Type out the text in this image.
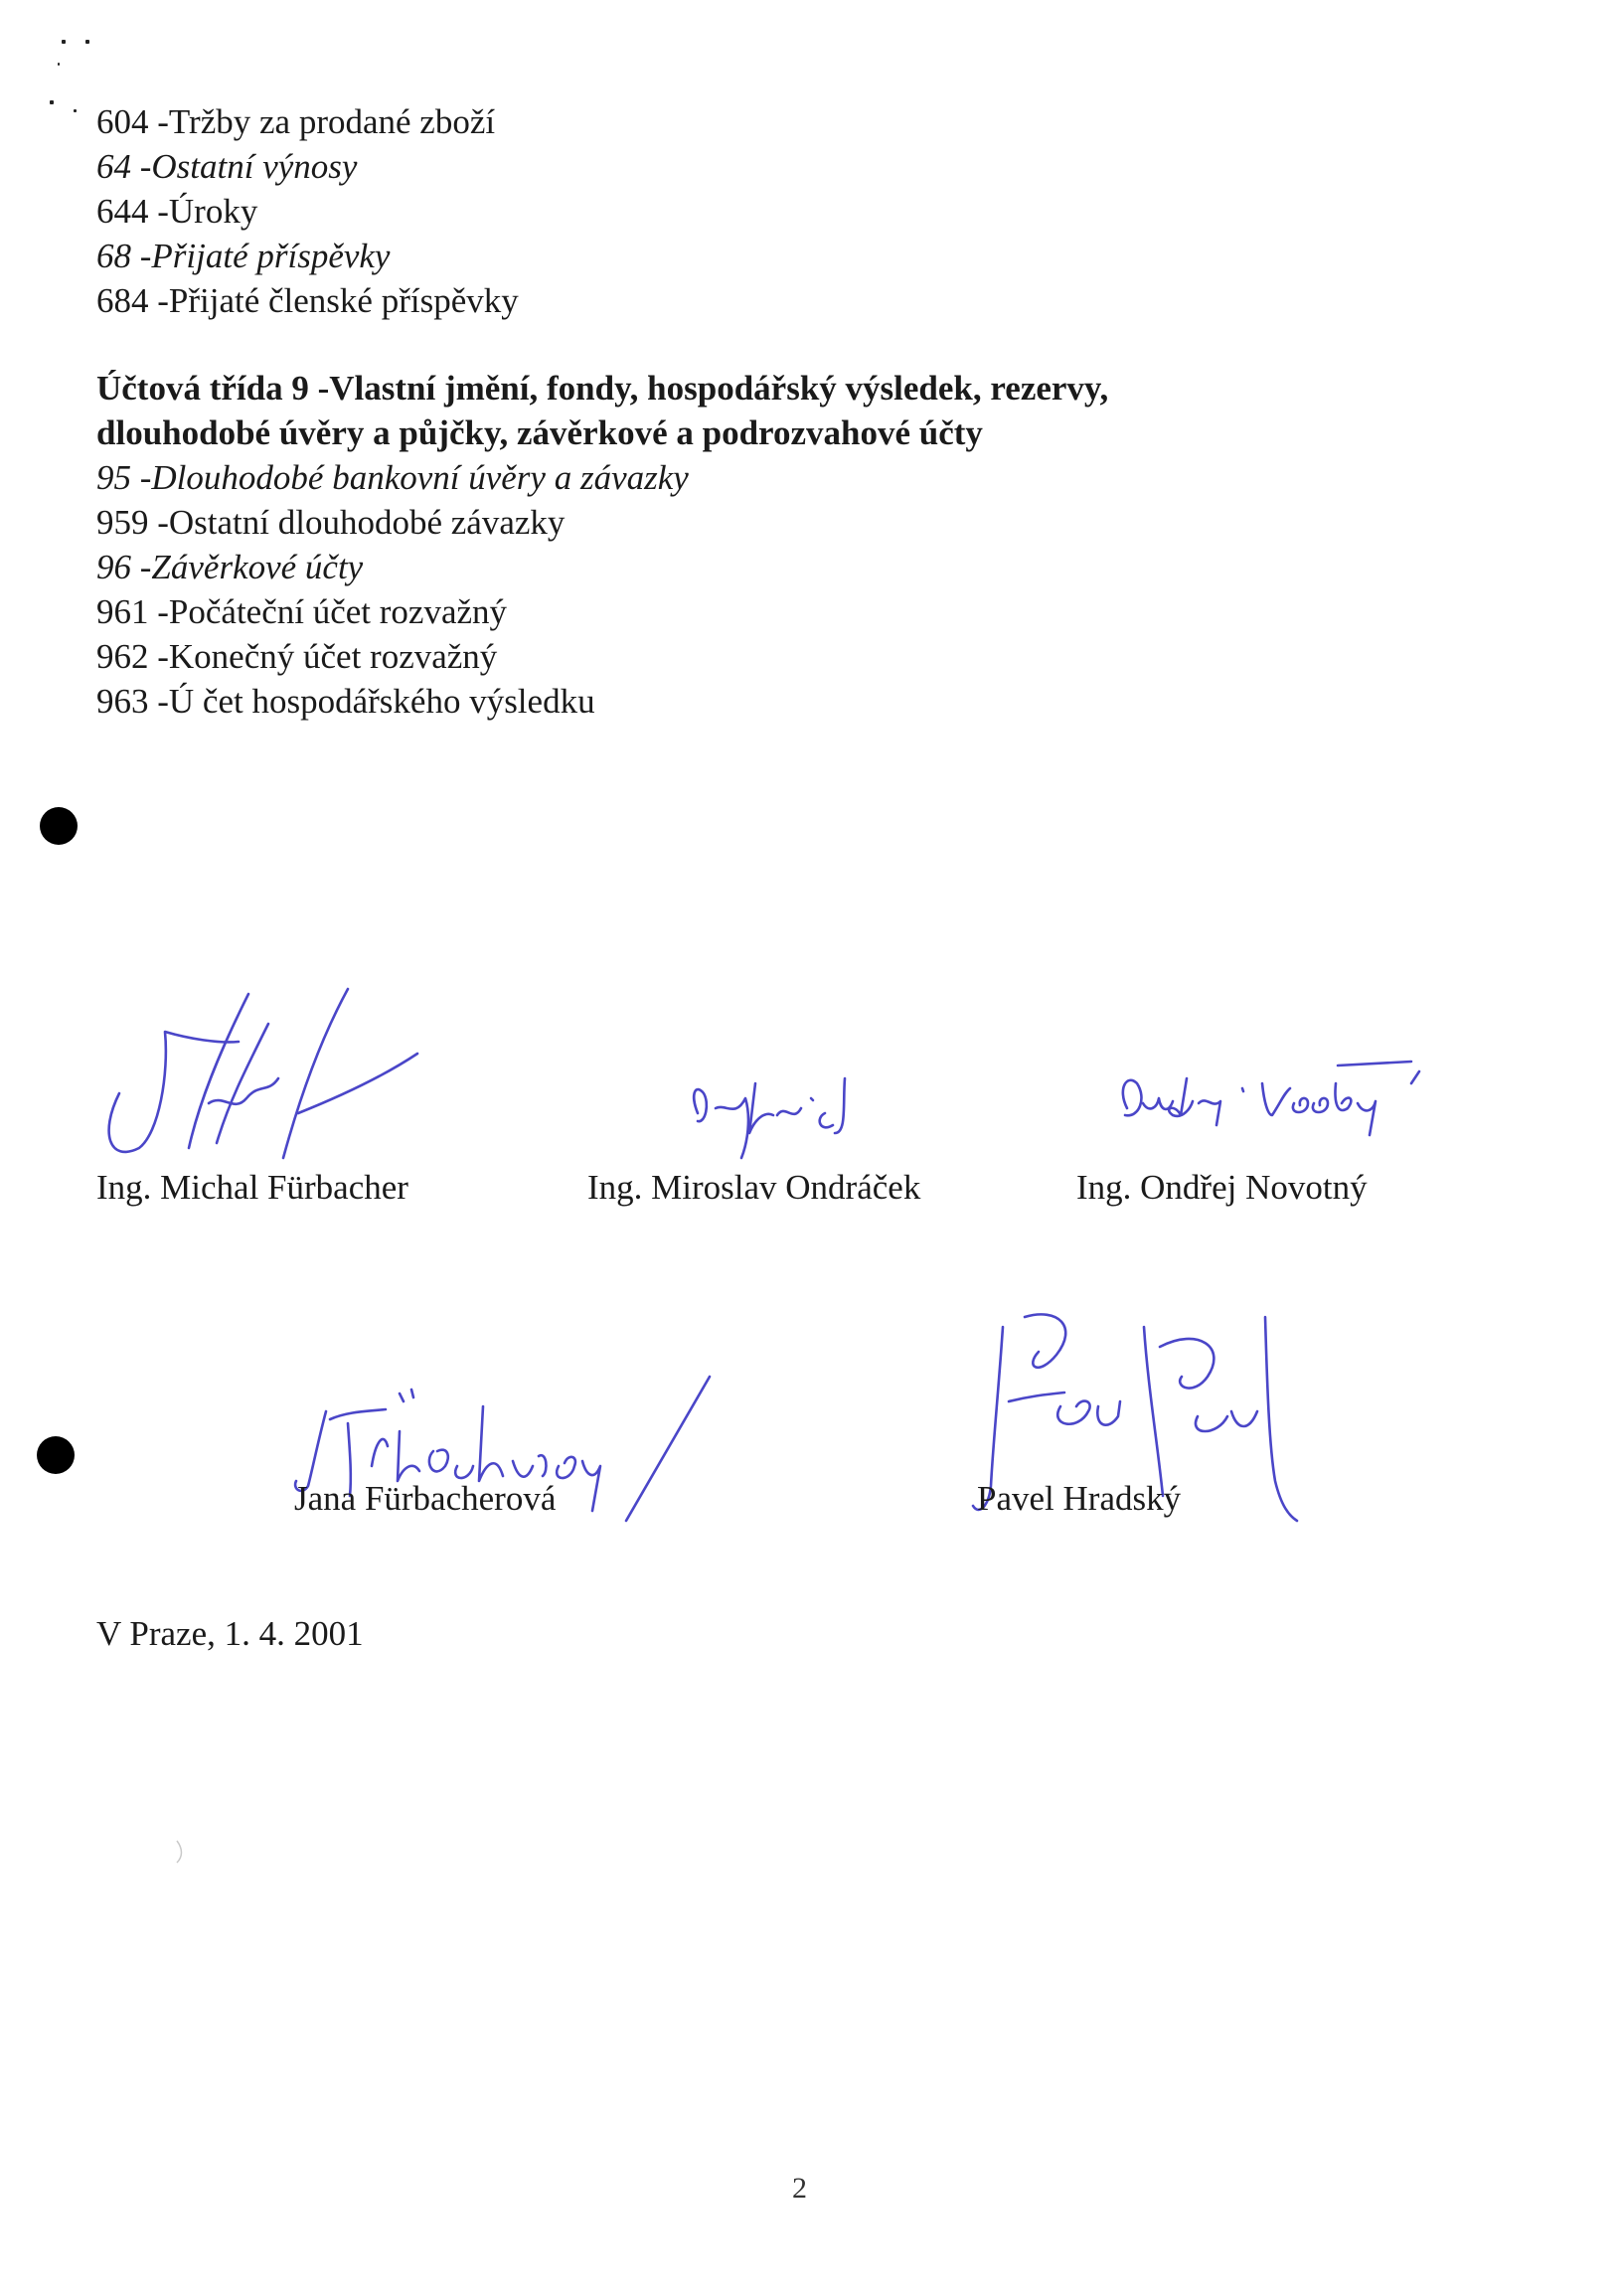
604 -Tržby za prodané zboží
64 -Ostatní výnosy
644 -Úroky
68 -Přijaté příspěvky
684 -Přijaté členské příspěvky
Účtová třída 9 -Vlastní jmění, fondy, hospodářský výsledek, rezervy,
dlouhodobé úvěry a půjčky, závěrkové a podrozvahové účty
95 -Dlouhodobé bankovní úvěry a závazky
959 -Ostatní dlouhodobé závazky
96 -Závěrkové účty
961 -Počáteční účet rozvažný
962 -Konečný účet rozvažný
963 -Ú čet hospodářského výsledku
Ing. Michal Fürbacher	Ing. Miroslav Ondráček	Ing. Ondřej Novotný
Jana Fürbacherová	Pavel Hradský
V Praze, 1. 4. 2001
2
